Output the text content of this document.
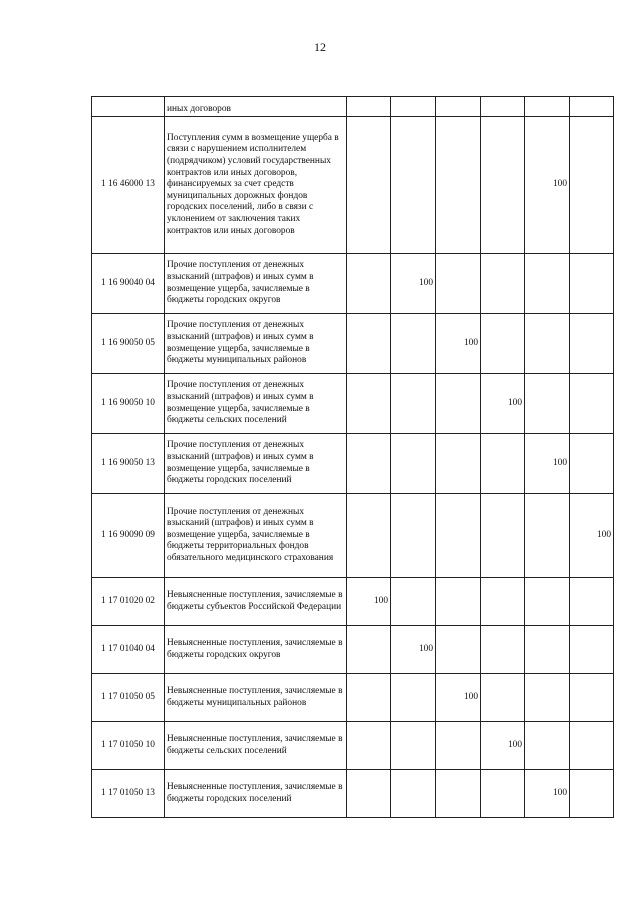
12
	иных договоров						
1 16 46000 13	Поступления сумм в возмещение ущерба в связи с нарушением исполнителем (подрядчиком) условий государственных контрактов или иных договоров, финансируемых за счет средств муниципальных дорожных фондов городских поселений, либо в связи с уклонением от заключения таких контрактов или иных договоров					100	
1 16 90040 04	Прочие поступления от денежных взысканий (штрафов) и иных сумм в возмещение ущерба, зачисляемые в бюджеты городских округов		100				
1 16 90050 05	Прочие поступления от денежных взысканий (штрафов) и иных сумм в возмещение ущерба, зачисляемые в бюджеты муниципальных районов			100			
1 16 90050 10	Прочие поступления от денежных взысканий (штрафов) и иных сумм в возмещение ущерба, зачисляемые в бюджеты сельских поселений				100		
1 16 90050 13	Прочие поступления от денежных взысканий (штрафов) и иных сумм в возмещение ущерба, зачисляемые в бюджеты городских поселений					100	
1 16 90090 09	Прочие поступления от денежных взысканий (штрафов) и иных сумм в возмещение ущерба, зачисляемые в бюджеты территориальных фондов обязательного медицинского страхования						100
1 17 01020 02	Невыясненные поступления, зачисляемые в бюджеты субъектов Российской Федерации	100					
1 17 01040 04	Невыясненные поступления, зачисляемые в бюджеты городских округов		100				
1 17 01050 05	Невыясненные поступления, зачисляемые в бюджеты муниципальных районов			100			
1 17 01050 10	Невыясненные поступления, зачисляемые в бюджеты сельских поселений				100		
1 17 01050 13	Невыясненные поступления, зачисляемые в бюджеты городских поселений					100	
